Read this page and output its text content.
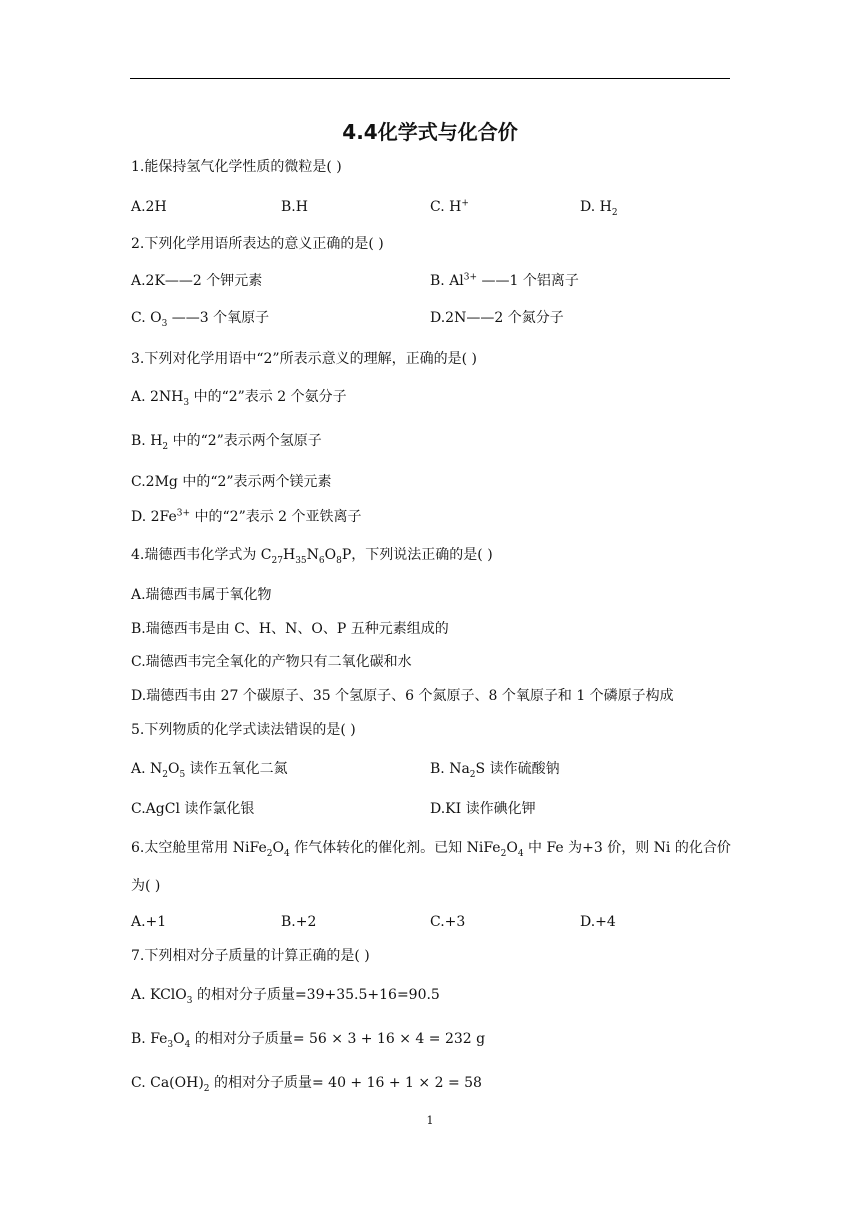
4.4化学式与化合价
1.能保持氢气化学性质的微粒是( )
A.2H	B.H	C. H+	D. $H_2$
2.下列化学用语所表达的意义正确的是( )
A.2K——2 个钾元素	B. $Al^{3+}$ ——1 个铝离子
C. $O_3$ ——3 个氧原子	D.2N——2 个氮分子
3.下列对化学用语中“2”所表示意义的理解，正确的是( )
A. $2NH_3$ 中的“2”表示 2 个氨分子
B. $H_2$ 中的“2”表示两个氢原子
C.2Mg 中的“2”表示两个镁元素
D. $2Fe^{3+}$ 中的“2”表示 2 个亚铁离子
4.瑞德西韦化学式为 $C_{27}H_{35}N_6O_8P$，下列说法正确的是( )
A.瑞德西韦属于氧化物
B.瑞德西韦是由 C、H、N、O、P 五种元素组成的
C.瑞德西韦完全氧化的产物只有二氧化碳和水
D.瑞德西韦由 27 个碳原子、35 个氢原子、6 个氮原子、8 个氧原子和 1 个磷原子构成
5.下列物质的化学式读法错误的是( )
A. $N_2O_5$ 读作五氧化二氮	B. $Na_2S$ 读作硫酸钠
C.AgCl 读作氯化银	D.KI 读作碘化钾
6.太空舱里常用 $NiFe_2O_4$ 作气体转化的催化剂。已知 $NiFe_2O_4$ 中 Fe 为+3 价，则 Ni 的化合价
为( )
A.+1	B.+2	C.+3	D.+4
7.下列相对分子质量的计算正确的是( )
A. KClO$_3$ 的相对分子质量=39+35.5+16=90.5
B. $Fe_3O_4$ 的相对分子质量= 56 × 3 + 16 × 4 = 232 g
C. $Ca(OH)_2$ 的相对分子质量= 40 + 16 + 1 × 2 = 58
1
